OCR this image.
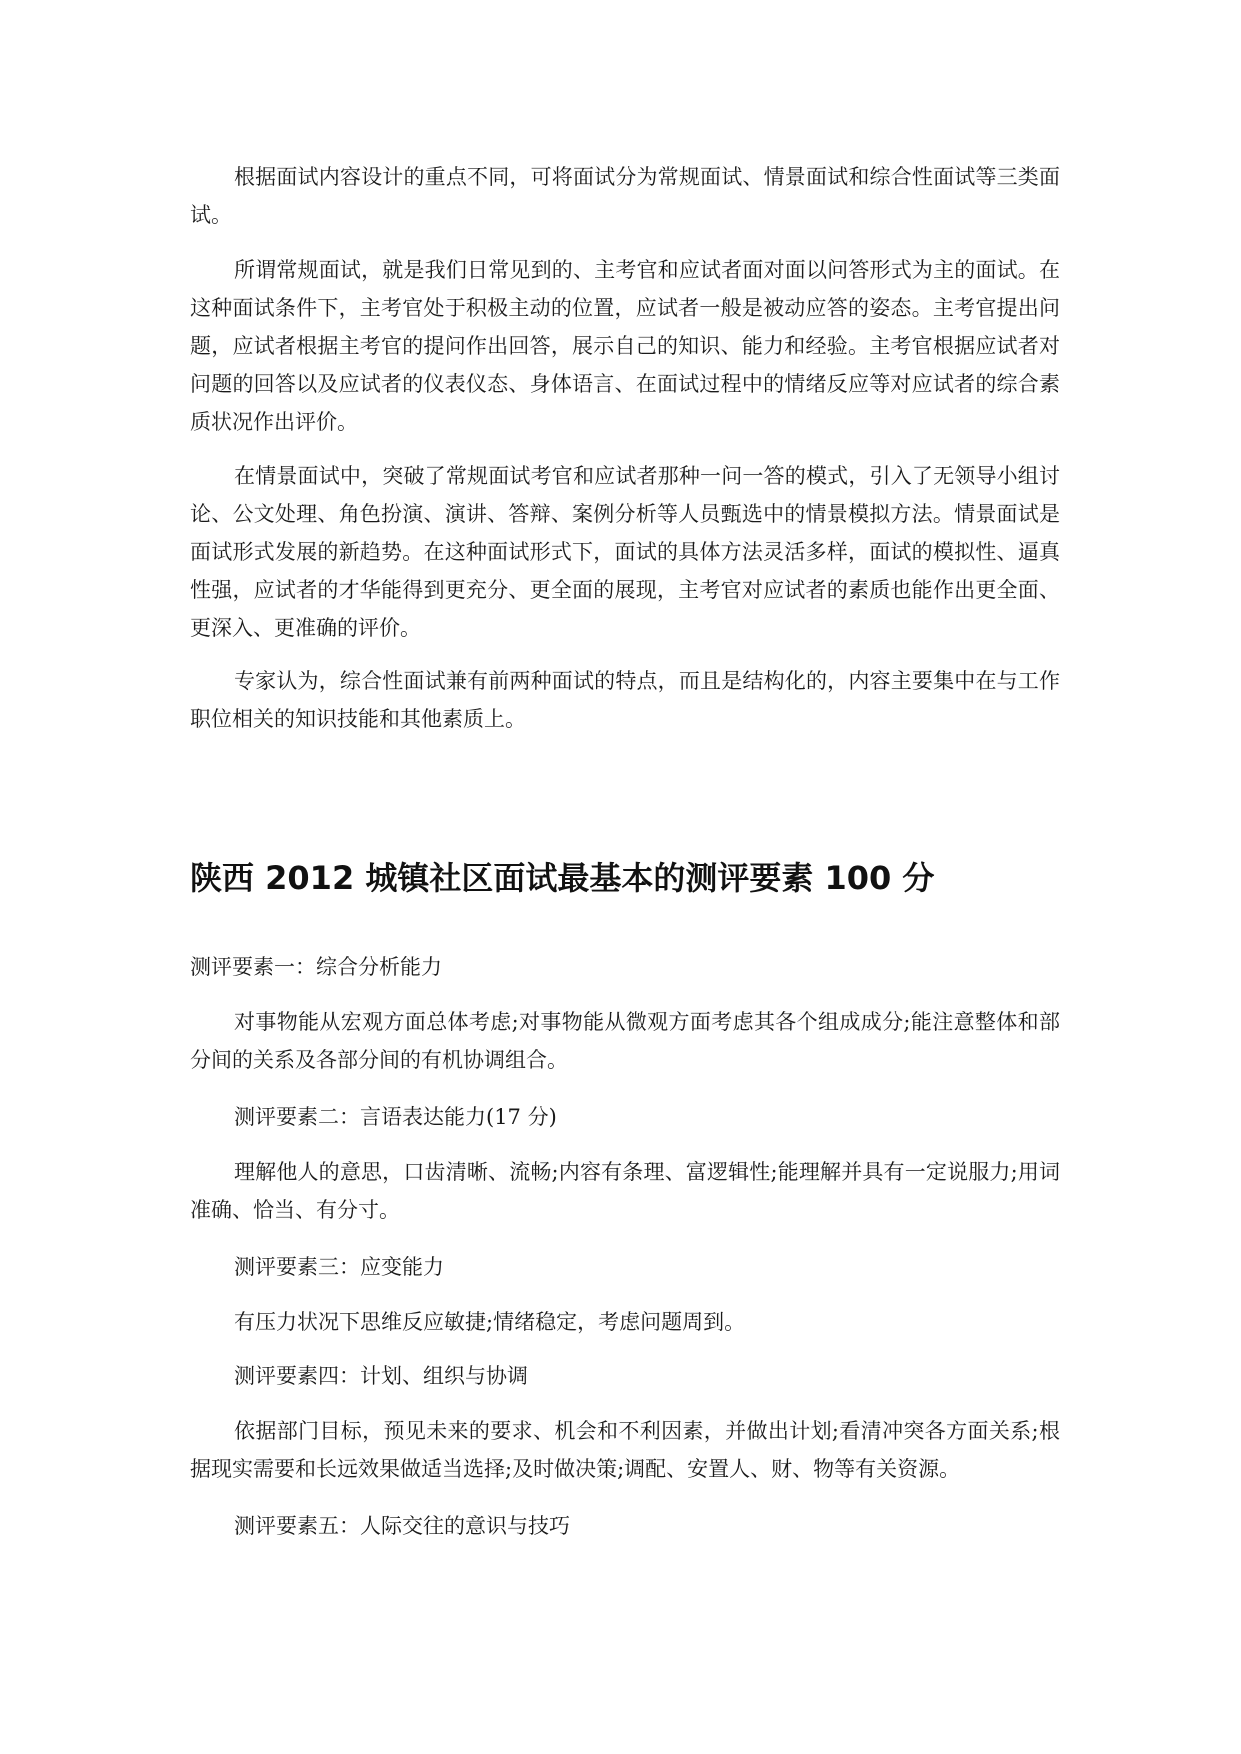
根据面试内容设计的重点不同，可将面试分为常规面试、情景面试和综合性面试等三类面试。

所谓常规面试，就是我们日常见到的、主考官和应试者面对面以问答形式为主的面试。在这种面试条件下，主考官处于积极主动的位置，应试者一般是被动应答的姿态。主考官提出问题，应试者根据主考官的提问作出回答，展示自己的知识、能力和经验。主考官根据应试者对问题的回答以及应试者的仪表仪态、身体语言、在面试过程中的情绪反应等对应试者的综合素质状况作出评价。

在情景面试中，突破了常规面试考官和应试者那种一问一答的模式，引入了无领导小组讨论、公文处理、角色扮演、演讲、答辩、案例分析等人员甄选中的情景模拟方法。情景面试是面试形式发展的新趋势。在这种面试形式下，面试的具体方法灵活多样，面试的模拟性、逼真性强，应试者的才华能得到更充分、更全面的展现，主考官对应试者的素质也能作出更全面、更深入、更准确的评价。

专家认为，综合性面试兼有前两种面试的特点，而且是结构化的，内容主要集中在与工作职位相关的知识技能和其他素质上。

陕西 2012 城镇社区面试最基本的测评要素 100 分

测评要素一：综合分析能力

对事物能从宏观方面总体考虑;对事物能从微观方面考虑其各个组成成分;能注意整体和部分间的关系及各部分间的有机协调组合。

测评要素二：言语表达能力(17 分)

理解他人的意思，口齿清晰、流畅;内容有条理、富逻辑性;能理解并具有一定说服力;用词准确、恰当、有分寸。

测评要素三：应变能力

有压力状况下思维反应敏捷;情绪稳定，考虑问题周到。

测评要素四：计划、组织与协调

依据部门目标，预见未来的要求、机会和不利因素，并做出计划;看清冲突各方面关系;根据现实需要和长远效果做适当选择;及时做决策;调配、安置人、财、物等有关资源。

测评要素五：人际交往的意识与技巧
